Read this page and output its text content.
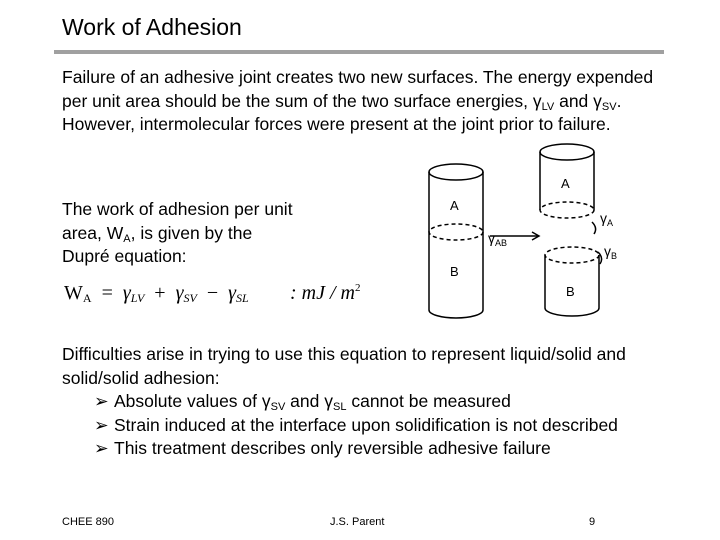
Work of Adhesion
Failure of an adhesive joint creates two new surfaces. The energy expended per unit area should be the sum of the two surface energies, $\gamma_{LV}$ and $\gamma_{SV}$. However, intermolecular forces were present at the joint prior to failure.
The work of adhesion per unit area, $W_A$, is given by the Dupré equation:
$W_A = \gamma_{LV} + \gamma_{SV} - \gamma_{SL}$ : mJ / $m^2$
Difficulties arise in trying to use this equation to represent liquid/solid and solid/solid adhesion:
➢ Absolute values of $\gamma_{SV}$ and $\gamma_{SL}$ cannot be measured
➢ Strain induced at the interface upon solidification is not described
➢ This treatment describes only reversible adhesive failure
A
B
A
B
$\gamma_{AB}$
$\gamma_A$
$\gamma_B$
CHEE 890	J.S. Parent	9
